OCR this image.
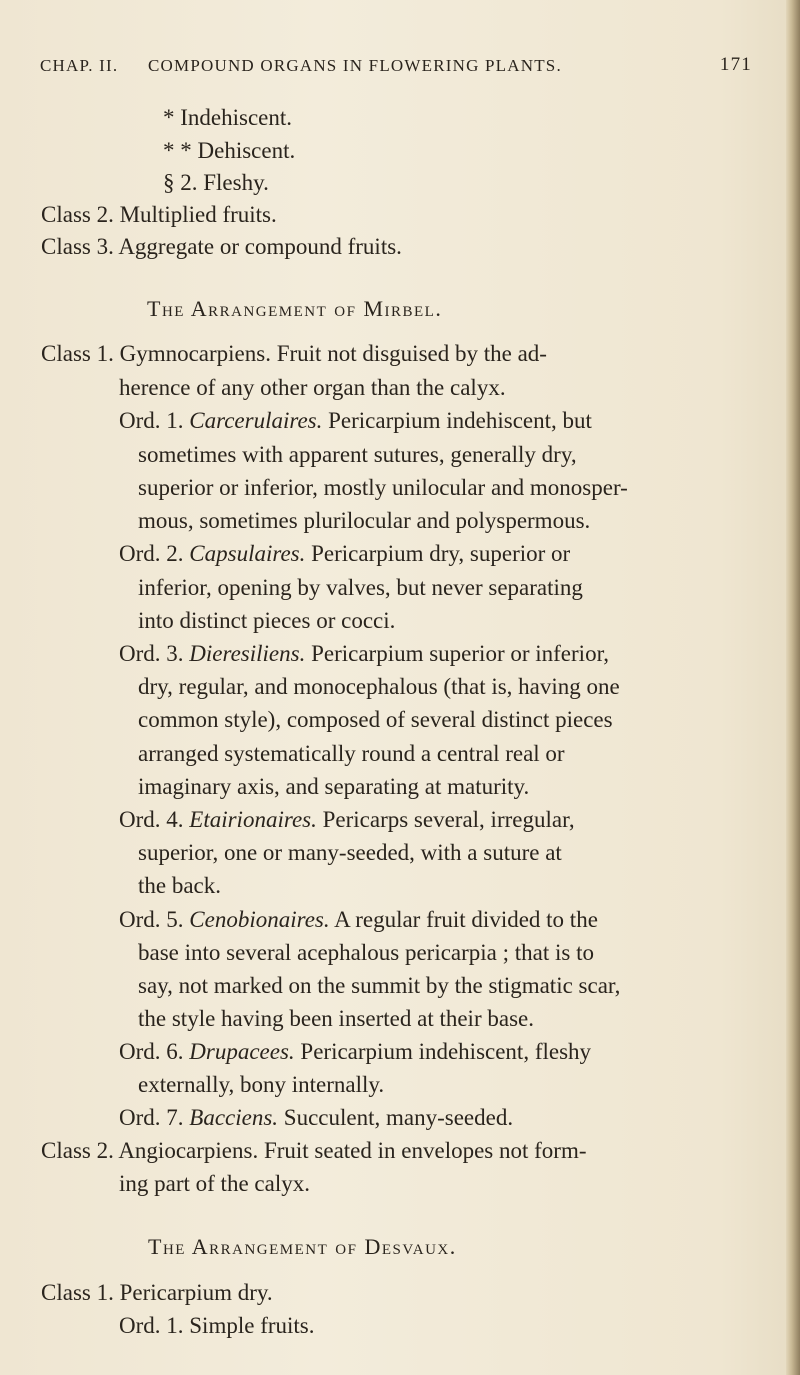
CHAP. II. COMPOUND ORGANS IN FLOWERING PLANTS.	171
* Indehiscent.
* * Dehiscent.
§ 2. Fleshy.
Class 2. Multiplied fruits.
Class 3. Aggregate or compound fruits.
The Arrangement of Mirbel.
Class 1. Gymnocarpiens. Fruit not disguised by the ad-
herence of any other organ than the calyx.
Ord. 1. Carcerulaires. Pericarpium indehiscent, but
sometimes with apparent sutures, generally dry,
superior or inferior, mostly unilocular and monosper-
mous, sometimes plurilocular and polyspermous.
Ord. 2. Capsulaires. Pericarpium dry, superior or
inferior, opening by valves, but never separating
into distinct pieces or cocci.
Ord. 3. Dieresiliens. Pericarpium superior or inferior,
dry, regular, and monocephalous (that is, having one
common style), composed of several distinct pieces
arranged systematically round a central real or
imaginary axis, and separating at maturity.
Ord. 4. Etairionaires. Pericarps several, irregular,
superior, one or many-seeded, with a suture at
the back.
Ord. 5. Cenobionaires. A regular fruit divided to the
base into several acephalous pericarpia ; that is to
say, not marked on the summit by the stigmatic scar,
the style having been inserted at their base.
Ord. 6. Drupacees. Pericarpium indehiscent, fleshy
externally, bony internally.
Ord. 7. Bacciens. Succulent, many-seeded.
Class 2. Angiocarpiens. Fruit seated in envelopes not form-
ing part of the calyx.
The Arrangement of Desvaux.
Class 1. Pericarpium dry.
Ord. 1. Simple fruits.
